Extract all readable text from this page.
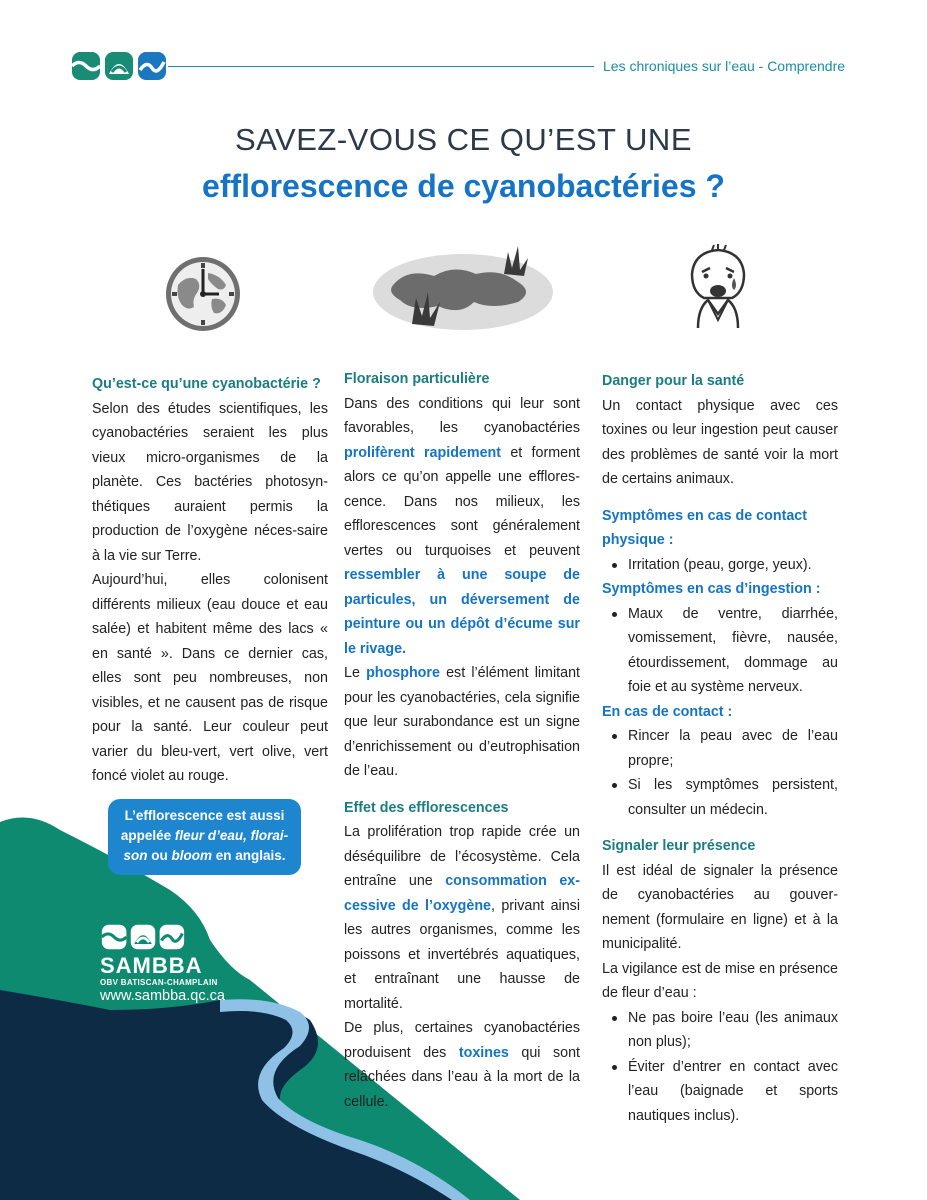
Les chroniques sur l’eau - Comprendre
SAVEZ-VOUS CE QU’EST UNE
efflorescence de cyanobactéries ?
L’efflorescence est aussi appelée fleur d’eau, florai-
son ou bloom en anglais.
SAMBBA
OBV BATISCAN-CHAMPLAIN
www.sambba.qc.ca
Qu’est-ce qu’une cyanobactérie ?

Selon des études scientifiques, les cyanobactéries seraient les plus vieux micro-organismes de la planète. Ces bactéries photosyn-thétiques auraient permis la production de l’oxygène néces-saire à la vie sur Terre.

Aujourd’hui, elles colonisent différents milieux (eau douce et eau salée) et habitent même des lacs « en santé ». Dans ce dernier cas, elles sont peu nombreuses, non visibles, et ne causent pas de risque pour la santé. Leur couleur peut varier du bleu-vert, vert olive, vert foncé violet au rouge.

Floraison particulière

Dans des conditions qui leur sont favorables, les cyanobactéries prolifèrent rapidement et forment alors ce qu’on appelle une efflores-cence. Dans nos milieux, les efflorescences sont généralement vertes ou turquoises et peuvent ressembler à une soupe de particules, un déversement de peinture ou un dépôt d’écume sur le rivage.

Le phosphore est l’élément limitant pour les cyanobactéries, cela signifie que leur surabondance est un signe d’enrichissement ou d’eutrophisation de l’eau.

Effet des efflorescences

La prolifération trop rapide crée un déséquilibre de l’écosystème. Cela entraîne une consommation ex-cessive de l’oxygène, privant ainsi les autres organismes, comme les poissons et invertébrés aquatiques, et entraînant une hausse de mortalité.

De plus, certaines cyanobactéries produisent des toxines qui sont relâchées dans l’eau à la mort de la cellule.

Danger pour la santé

Un contact physique avec ces toxines ou leur ingestion peut causer des problèmes de santé voir la mort de certains animaux.

Symptômes en cas de contact physique :
Irritation (peau, gorge, yeux).
Symptômes en cas d’ingestion :
Maux de ventre, diarrhée, vomissement, fièvre, nausée, étourdissement, dommage au foie et au système nerveux.
En cas de contact :
Rincer la peau avec de l’eau propre;
Si les symptômes persistent, consulter un médecin.
Signaler leur présence

Il est idéal de signaler la présence de cyanobactéries au gouver-nement (formulaire en ligne) et à la municipalité.

La vigilance est de mise en présence de fleur d’eau :

Ne pas boire l’eau (les animaux non plus);
Éviter d’entrer en contact avec l’eau (baignade et sports nautiques inclus).
